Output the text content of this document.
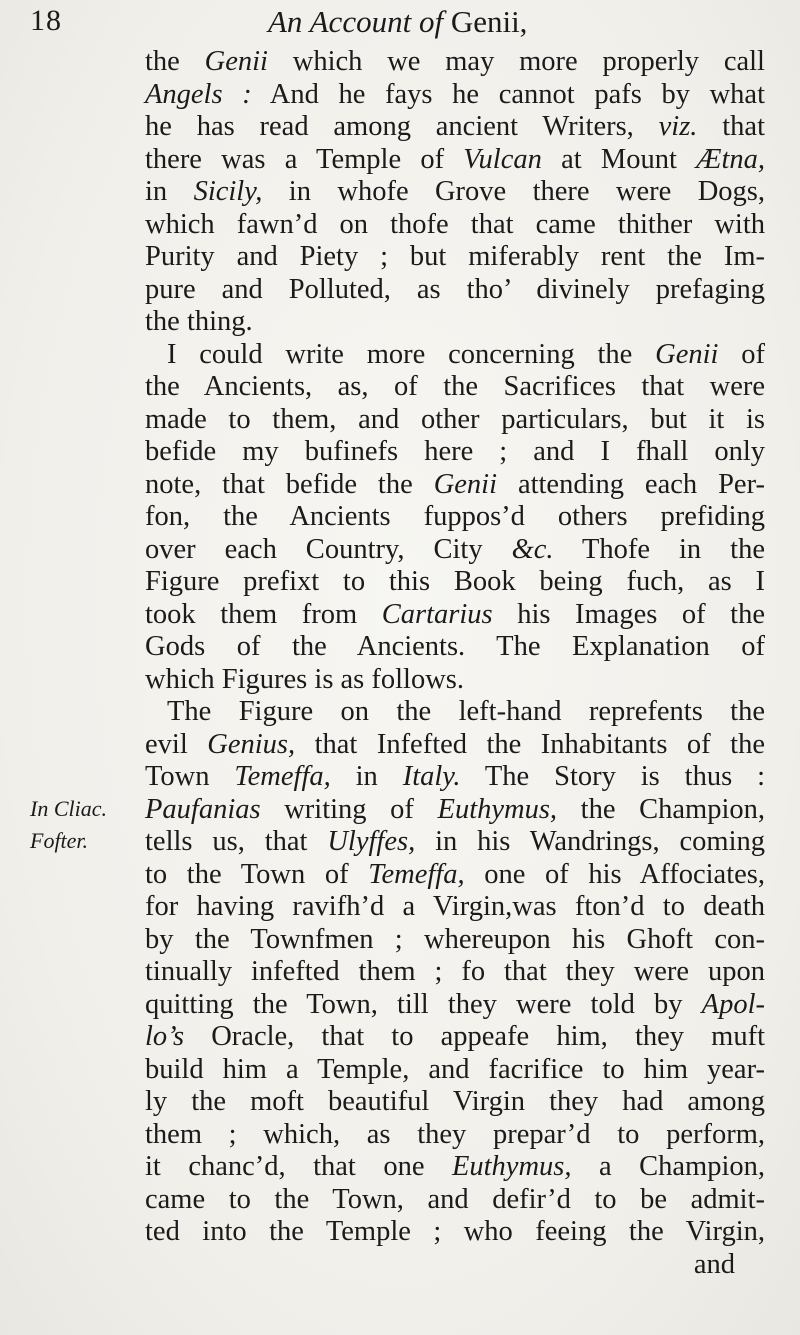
18	An Account of Genii,
In Cliac.
Fofter.
the Genii which we may more properly call
Angels : And he fays he cannot pafs by what
he has read among ancient Writers, viz. that
there was a Temple of Vulcan at Mount Ætna,
in Sicily, in whofe Grove there were Dogs,
which fawn’d on thofe that came thither with
Purity and Piety ; but miferably rent the Im-
pure and Polluted, as tho’ divinely prefaging
the thing.
I could write more concerning the Genii of
the Ancients, as, of the Sacrifices that were
made to them, and other particulars, but it is
befide my bufinefs here ; and I fhall only
note, that befide the Genii attending each Per-
fon, the Ancients fuppos’d others prefiding
over each Country, City &c. Thofe in the
Figure prefixt to this Book being fuch, as I
took them from Cartarius his Images of the
Gods of the Ancients. The Explanation of
which Figures is as follows.
The Figure on the left-hand reprefents the
evil Genius, that Infefted the Inhabitants of the
Town Temeffa, in Italy. The Story is thus :
Paufanias writing of Euthymus, the Champion,
tells us, that Ulyffes, in his Wandrings, coming
to the Town of Temeffa, one of his Affociates,
for having ravifh’d a Virgin,was fton’d to death
by the Townfmen ; whereupon his Ghoft con-
tinually infefted them ; fo that they were upon
quitting the Town, till they were told by Apol-
lo’s Oracle, that to appeafe him, they muft
build him a Temple, and facrifice to him year-
ly the moft beautiful Virgin they had among
them ; which, as they prepar’d to perform,
it chanc’d, that one Euthymus, a Champion,
came to the Town, and defir’d to be admit-
ted into the Temple ; who feeing the Virgin,
and
